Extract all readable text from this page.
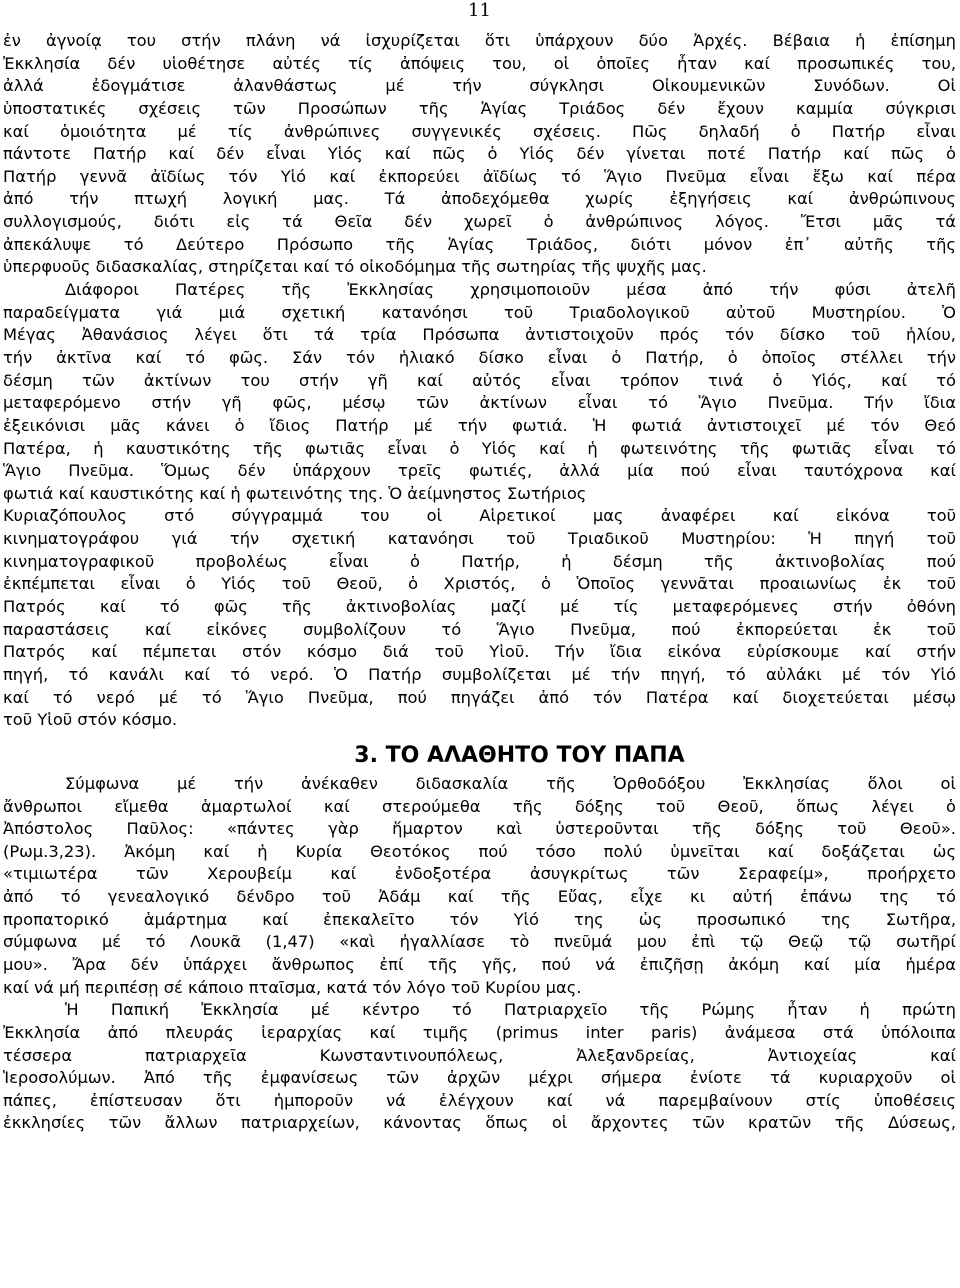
11
ἐν ἀγνοίᾳ του στήν πλάνη νά ἰσχυρίζεται ὅτι ὑπάρχουν δύο Ἀρχές. Βέβαια ἡ ἐπίσημη
Ἐκκλησία δέν υἱοθέτησε αὐτές τίς ἀπόψεις του, οἱ ὁποῖες ἦταν καί προσωπικές του,
ἀλλά ἐδογμάτισε ἀλανθάστως μέ τήν σύγκλησι Οἰκουμενικῶν Συνόδων. Οἱ
ὑποστατικές σχέσεις τῶν Προσώπων τῆς Ἁγίας Τριάδος δέν ἔχουν καμμία σύγκρισι
καί ὁμοιότητα μέ τίς ἀνθρώπινες συγγενικές σχέσεις. Πῶς δηλαδή ὁ Πατήρ εἶναι
πάντοτε Πατήρ καί δέν εἶναι Υἱός καί πῶς ὁ Υἱός δέν γίνεται ποτέ Πατήρ καί πῶς ὁ
Πατήρ γεννᾶ ἀϊδίως τόν Υἱό καί ἐκπορεύει ἀϊδίως τό Ἅγιο Πνεῦμα εἶναι ἔξω καί πέρα
ἀπό τήν πτωχή λογική μας. Τά ἀποδεχόμεθα χωρίς ἐξηγήσεις καί ἀνθρώπινους
συλλογισμούς, διότι εἰς τά Θεῖα δέν χωρεῖ ὁ ἀνθρώπινος λόγος. Ἔτσι μᾶς τά
ἀπεκάλυψε τό Δεύτερο Πρόσωπο τῆς Ἁγίας Τριάδος, διότι μόνον ἐπ᾿ αὐτῆς τῆς
ὑπερφυοῦς διδασκαλίας, στηρίζεται καί τό οἰκοδόμημα τῆς σωτηρίας τῆς ψυχῆς μας.
Διάφοροι Πατέρες τῆς Ἐκκλησίας χρησιμοποιοῦν μέσα ἀπό τήν φύσι ἀτελῆ
παραδείγματα γιά μιά σχετική κατανόησι τοῦ Τριαδολογικοῦ αὐτοῦ Μυστηρίου. Ὁ
Μέγας Ἀθανάσιος λέγει ὅτι τά τρία Πρόσωπα ἀντιστοιχοῦν πρός τόν δίσκο τοῦ ἡλίου,
τήν ἀκτῖνα καί τό φῶς. Σάν τόν ἡλιακό δίσκο εἶναι ὁ Πατήρ, ὁ ὁποῖος στέλλει τήν
δέσμη τῶν ἀκτίνων του στήν γῆ καί αὐτός εἶναι τρόπον τινά ὁ Υἱός, καί τό
μεταφερόμενο στήν γῆ φῶς, μέσῳ τῶν ἀκτίνων εἶναι τό Ἅγιο Πνεῦμα. Τήν ἴδια
ἐξεικόνισι μᾶς κάνει ὁ ἴδιος Πατήρ μέ τήν φωτιά. Ἡ φωτιά ἀντιστοιχεῖ μέ τόν Θεό
Πατέρα, ἡ καυστικότης τῆς φωτιᾶς εἶναι ὁ Υἱός καί ἡ φωτεινότης τῆς φωτιᾶς εἶναι τό
Ἅγιο Πνεῦμα. Ὅμως δέν ὑπάρχουν τρεῖς φωτιές, ἀλλά μία πού εἶναι ταυτόχρονα καί
φωτιά καί καυστικότης καί ἡ φωτεινότης της. Ὁ ἀείμνηστος Σωτήριος
Κυριαζόπουλος στό σύγγραμμά του οἱ Αἱρετικοί μας ἀναφέρει καί εἰκόνα τοῦ
κινηματογράφου γιά τήν σχετική κατανόησι τοῦ Τριαδικοῦ Μυστηρίου: Ἡ πηγή τοῦ
κινηματογραφικοῦ προβολέως εἶναι ὁ Πατήρ, ἡ δέσμη τῆς ἀκτινοβολίας πού
ἐκπέμπεται εἶναι ὁ Υἱός τοῦ Θεοῦ, ὁ Χριστός, ὁ Ὁποῖος γεννᾶται προαιωνίως ἐκ τοῦ
Πατρός καί τό φῶς τῆς ἀκτινοβολίας μαζί μέ τίς μεταφερόμενες στήν ὀθόνη
παραστάσεις καί εἰκόνες συμβολίζουν τό Ἅγιο Πνεῦμα, πού ἐκπορεύεται ἐκ τοῦ
Πατρός καί πέμπεται στόν κόσμο διά τοῦ Υἱοῦ. Τήν ἴδια εἰκόνα εὑρίσκουμε καί στήν
πηγή, τό κανάλι καί τό νερό. Ὁ Πατήρ συμβολίζεται μέ τήν πηγή, τό αὐλάκι μέ τόν Υἱό
καί τό νερό μέ τό Ἅγιο Πνεῦμα, πού πηγάζει ἀπό τόν Πατέρα καί διοχετεύεται μέσῳ
τοῦ Υἱοῦ στόν κόσμο.
3. ΤΟ ΑΛΑΘΗΤΟ ΤΟΥ ΠΑΠΑ
Σύμφωνα μέ τήν ἀνέκαθεν διδασκαλία τῆς Ὀρθοδόξου Ἐκκλησίας ὅλοι οἱ
ἄνθρωποι εἴμεθα ἁμαρτωλοί καί στερούμεθα τῆς δόξης τοῦ Θεοῦ, ὅπως λέγει ὁ
Ἀπόστολος Παῦλος: «πάντες γὰρ ἥμαρτον καὶ ὑστεροῦνται τῆς δόξης τοῦ Θεοῦ».
(Ρωμ.3,23). Ἀκόμη καί ἡ Κυρία Θεοτόκος πού τόσο πολύ ὑμνεῖται καί δοξάζεται ὡς
«τιμιωτέρα τῶν Χερουβείμ καί ἐνδοξοτέρα ἀσυγκρίτως τῶν Σεραφείμ», προήρχετο
ἀπό τό γενεαλογικό δένδρο τοῦ Ἀδάμ καί τῆς Εὔας, εἶχε κι αὐτή ἐπάνω της τό
προπατορικό ἁμάρτημα καί ἐπεκαλεῖτο τόν Υἱό της ὡς προσωπικό της Σωτῆρα,
σύμφωνα μέ τό Λουκᾶ (1,47) «καὶ ἠγαλλίασε τὸ πνεῦμά μου ἐπὶ τῷ Θεῷ τῷ σωτῆρί
μου». Ἄρα δέν ὑπάρχει ἄνθρωπος ἐπί τῆς γῆς, πού νά ἐπιζῆσῃ ἀκόμη καί μία ἡμέρα
καί νά μή περιπέσῃ σέ κάποιο πταῖσμα, κατά τόν λόγο τοῦ Κυρίου μας.
Ἡ Παπική Ἐκκλησία μέ κέντρο τό Πατριαρχεῖο τῆς Ρώμης ἦταν ἡ πρώτη
Ἐκκλησία ἀπό πλευράς ἱεραρχίας καί τιμῆς (primus inter paris) ἀνάμεσα στά ὑπόλοιπα
τέσσερα πατριαρχεῖα Κωνσταντινουπόλεως, Ἀλεξανδρείας, Ἀντιοχείας καί
Ἱεροσολύμων. Ἀπό τῆς ἐμφανίσεως τῶν ἀρχῶν μέχρι σήμερα ἐνίοτε τά κυριαρχοῦν οἱ
πάπες, ἐπίστευσαν ὅτι ἡμποροῦν νά ἐλέγχουν καί νά παρεμβαίνουν στίς ὑποθέσεις
ἐκκλησίες τῶν ἄλλων πατριαρχείων, κάνοντας ὅπως οἱ ἄρχοντες τῶν κρατῶν τῆς Δύσεως,
